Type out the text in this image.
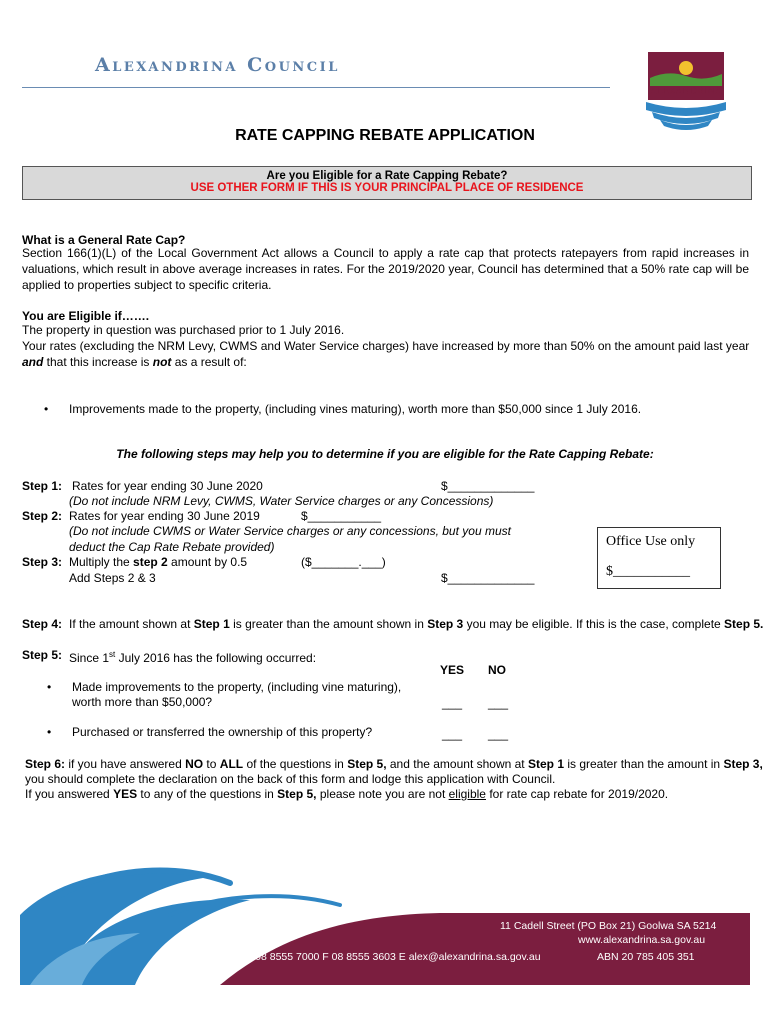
Alexandrina Council
ALEXANDRINA
RATE CAPPING REBATE APPLICATION
Are you Eligible for a Rate Capping Rebate?
USE OTHER FORM IF THIS IS YOUR PRINCIPAL PLACE OF RESIDENCE
What is a General Rate Cap?
Section 166(1)(L) of the Local Government Act allows a Council to apply a rate cap that protects ratepayers from rapid increases in valuations, which result in above average increases in rates. For the 2019/2020 year, Council has determined that a 50% rate cap will be applied to properties subject to specific criteria.
You are Eligible if…….
The property in question was purchased prior to 1 July 2016.
Your rates (excluding the NRM Levy, CWMS and Water Service charges) have increased by more than 50% on the amount paid last year
and that this increase is not as a result of:
• Improvements made to the property, (including vines maturing), worth more than $50,000 since 1 July 2016.
The following steps may help you to determine if you are eligible for the Rate Capping Rebate:
Step 1: Rates for year ending 30 June 2020	$_____________
(Do not include NRM Levy, CWMS, Water Service charges or any Concessions)
Step 2: Rates for year ending 30 June 2019	$___________
(Do not include CWMS or Water Service charges or any concessions, but you must
deduct the Cap Rate Rebate provided)
Step 3: Multiply the step 2 amount by 0.5	($_______.___)
Add Steps 2 & 3	$_____________
Office Use only
$___________
Step 4: If the amount shown at Step 1 is greater than the amount shown in Step 3 you may be eligible. If this is the case, complete Step 5.
Step 5: Since 1st July 2016 has the following occurred:
YES NO
• Made improvements to the property, (including vine maturing),
worth more than $50,000?	___ ___
• Purchased or transferred the ownership of this property?	___ ___
Step 6: if you have answered NO to ALL of the questions in Step 5, and the amount shown at Step 1 is greater than the amount in Step 3,
you should complete the declaration on the back of this form and lodge this application with Council.
If you answered YES to any of the questions in Step 5, please note you are not eligible for rate cap rebate for 2019/2020.
11 Cadell Street (PO Box 21) Goolwa SA 5214
www.alexandrina.sa.gov.au
T 08 8555 7000 F 08 8555 3603 E alex@alexandrina.sa.gov.au	ABN 20 785 405 351
